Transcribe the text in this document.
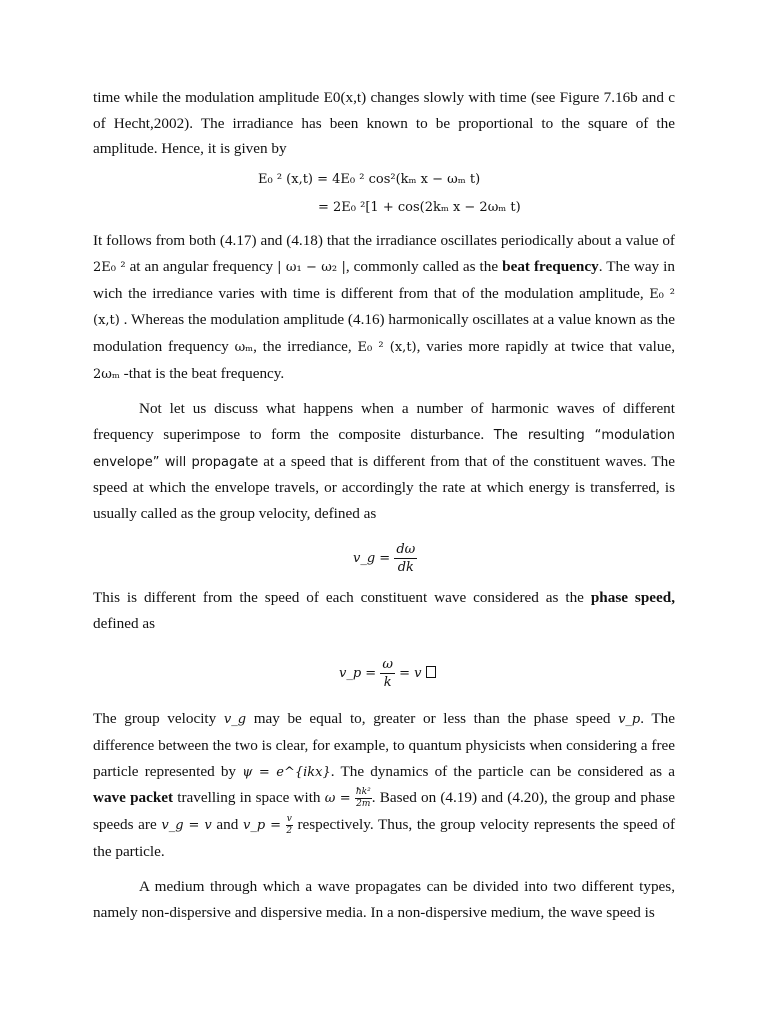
time while the modulation amplitude E0(x,t) changes slowly with time (see Figure 7.16b and c of Hecht,2002). The irradiance has been known to be proportional to the square of the amplitude. Hence, it is given by

E₀ ² (x,t) = 4E₀ ² cos²(kₘ x − ωₘ t)
= 2E₀ ²[1 + cos(2kₘ x − 2ωₘ t)

It follows from both (4.17) and (4.18) that the irradiance oscillates periodically about a value of 2E₀ ² at an angular frequency | ω₁ − ω₂ |, commonly called as the beat frequency. The way in wich the irrediance varies with time is different from that of the modulation amplitude, E₀ ² (x,t) . Whereas the modulation amplitude (4.16) harmonically oscillates at a value known as the modulation frequency ωₘ, the irrediance, E₀ ² (x,t), varies more rapidly at twice that value, 2ωₘ -that is the beat frequency.

Not let us discuss what happens when a number of harmonic waves of different frequency superimpose to form the composite disturbance. The resulting “modulation envelope” will propagate at a speed that is different from that of the constituent waves. The speed at which the envelope travels, or accordingly the rate at which energy is transferred, is usually called as the group velocity, defined as

v_g = $\frac{d\omega}{dk}$

This is different from the speed of each constituent wave considered as the phase speed, defined as

v_p = $\frac{\omega}{k} = v$

The group velocity v_g may be equal to, greater or less than the phase speed v_p. The difference between the two is clear, for example, to quantum physicists when considering a free particle represented by ψ = e^{ikx}. The dynamics of the particle can be considered as a wave packet travelling in space with $\omega = \frac{\text{ħk²}}{2m}$ . Based on (4.19) and (4.20), the group and phase speeds are v_g = v and v_p = $\frac{v}{2}$ respectively. Thus, the group velocity represents the speed of the particle.

A medium through which a wave propagates can be divided into two different types, namely non-dispersive and dispersive media. In a non-dispersive medium, the wave speed is
